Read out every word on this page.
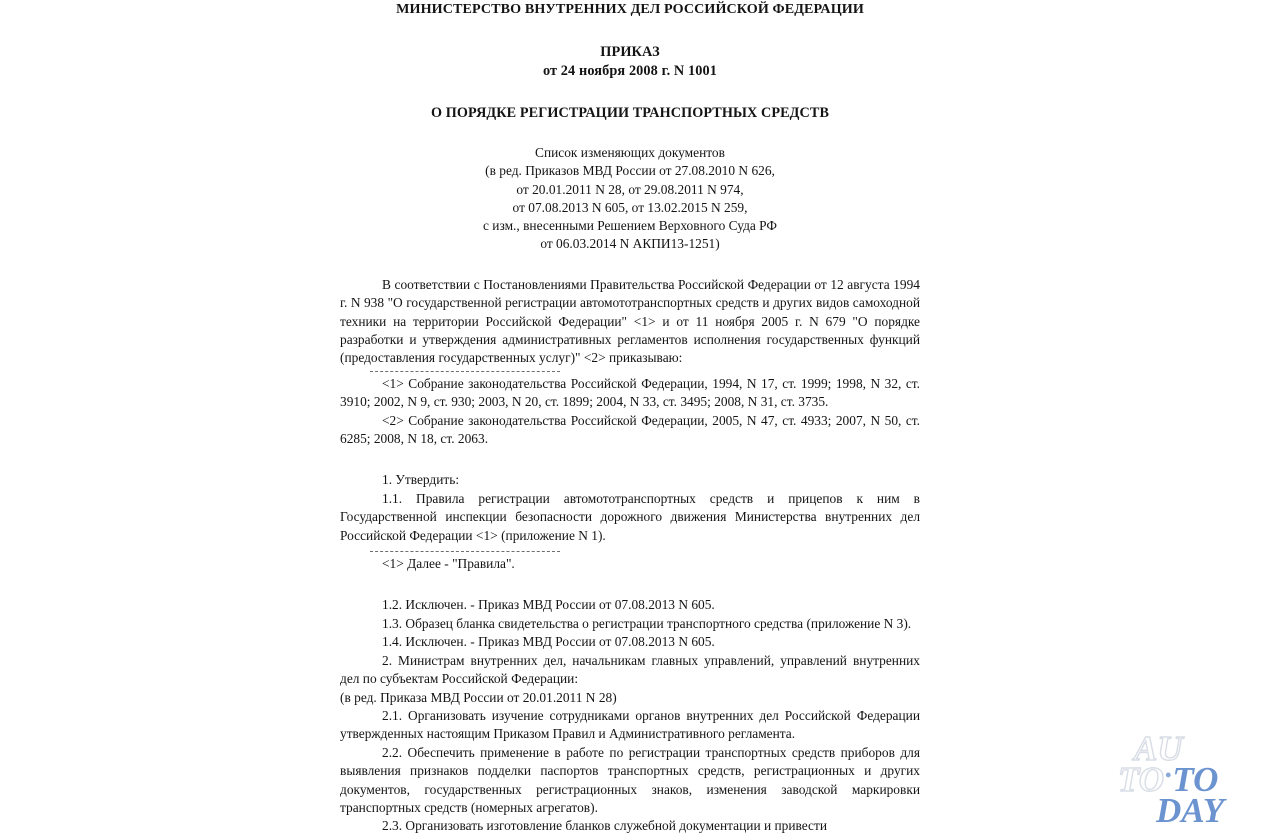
МИНИСТЕРСТВО ВНУТРЕННИХ ДЕЛ РОССИЙСКОЙ ФЕДЕРАЦИИ
ПРИКАЗ
от 24 ноября 2008 г. N 1001
О ПОРЯДКЕ РЕГИСТРАЦИИ ТРАНСПОРТНЫХ СРЕДСТВ
Список изменяющих документов
(в ред. Приказов МВД России от 27.08.2010 N 626,
от 20.01.2011 N 28, от 29.08.2011 N 974,
от 07.08.2013 N 605, от 13.02.2015 N 259,
с изм., внесенными Решением Верховного Суда РФ
от 06.03.2014 N АКПИ13-1251)

В соответствии с Постановлениями Правительства Российской Федерации от 12 августа 1994 г. N 938 "О государственной регистрации автомототранспортных средств и других видов самоходной техники на территории Российской Федерации" <1> и от 11 ноября 2005 г. N 679 "О порядке разработки и утверждения административных регламентов исполнения государственных функций (предоставления государственных услуг)" <2> приказываю:

<1> Собрание законодательства Российской Федерации, 1994, N 17, ст. 1999; 1998, N 32, ст. 3910; 2002, N 9, ст. 930; 2003, N 20, ст. 1899; 2004, N 33, ст. 3495; 2008, N 31, ст. 3735.

<2> Собрание законодательства Российской Федерации, 2005, N 47, ст. 4933; 2007, N 50, ст. 6285; 2008, N 18, ст. 2063.

1. Утвердить:

1.1. Правила регистрации автомототранспортных средств и прицепов к ним в Государственной инспекции безопасности дорожного движения Министерства внутренних дел Российской Федерации <1> (приложение N 1).

<1> Далее - "Правила".

1.2. Исключен. - Приказ МВД России от 07.08.2013 N 605.

1.3. Образец бланка свидетельства о регистрации транспортного средства (приложение N 3).

1.4. Исключен. - Приказ МВД России от 07.08.2013 N 605.

2. Министрам внутренних дел, начальникам главных управлений, управлений внутренних дел по субъектам Российской Федерации:

(в ред. Приказа МВД России от 20.01.2011 N 28)

2.1. Организовать изучение сотрудниками органов внутренних дел Российской Федерации утвержденных настоящим Приказом Правил и Административного регламента.

2.2. Обеспечить применение в работе по регистрации транспортных средств приборов для выявления признаков подделки паспортов транспортных средств, регистрационных и других документов, государственных регистрационных знаков, изменения заводской маркировки транспортных средств (номерных агрегатов).

2.3. Организовать изготовление бланков служебной документации и привести

AU
TO•TO
DAY
